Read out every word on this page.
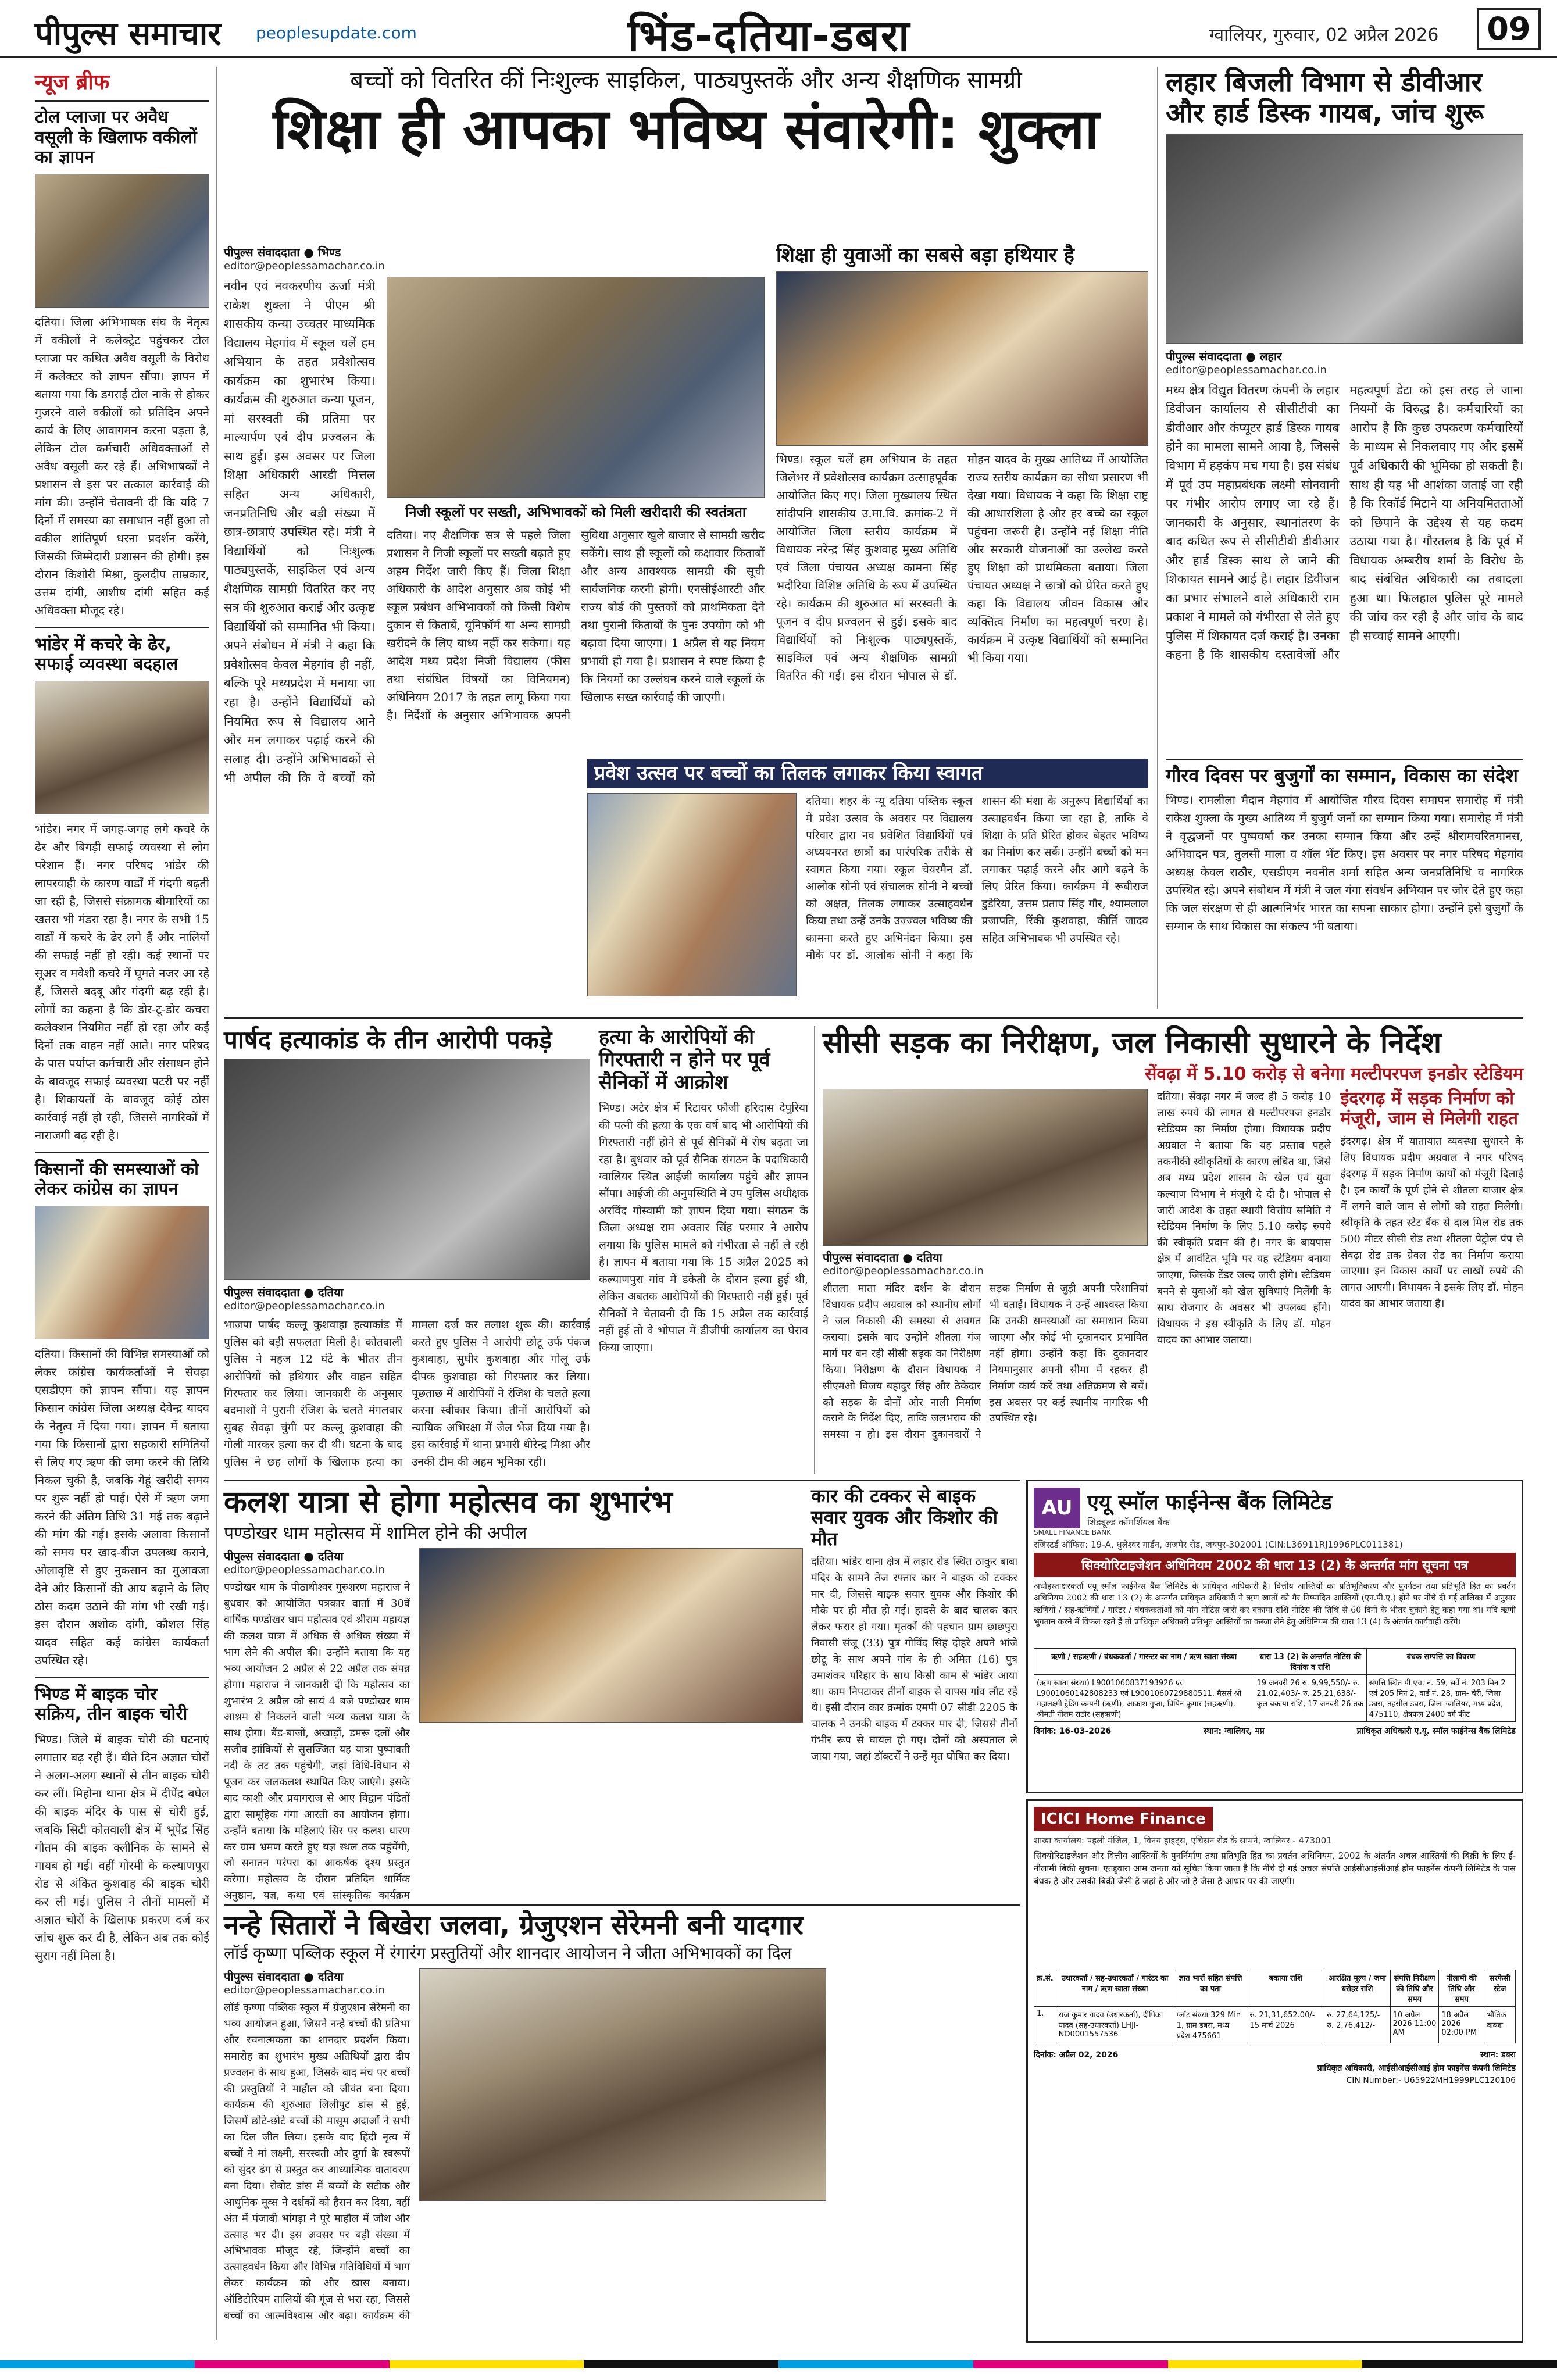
पीपुल्स समाचार peoplesupdate.com	भिंड-दतिया-डबरा	ग्वालियर, गुरुवार, 02 अप्रैल 2026	09
न्यूज ब्रीफ
टोल प्लाजा पर अवैध वसूली के खिलाफ वकीलों का ज्ञापन
दतिया। जिला अभिभाषक संघ के नेतृत्व में वकीलों ने कलेक्ट्रेट पहुंचकर टोल प्लाजा पर कथित अवैध वसूली के विरोध में कलेक्टर को ज्ञापन सौंपा। ज्ञापन में बताया गया कि डगराई टोल नाके से होकर गुजरने वाले वकीलों को प्रतिदिन अपने कार्य के लिए आवागमन करना पड़ता है, लेकिन टोल कर्मचारी अधिवक्ताओं से अवैध वसूली कर रहे हैं। अभिभाषकों ने प्रशासन से इस पर तत्काल कार्रवाई की मांग की। उन्होंने चेतावनी दी कि यदि 7 दिनों में समस्या का समाधान नहीं हुआ तो वकील शांतिपूर्ण धरना प्रदर्शन करेंगे, जिसकी जिम्मेदारी प्रशासन की होगी। इस दौरान किशोरी मिश्रा, कुलदीप ताम्रकार, उत्तम दांगी, आशीष दांगी सहित कई अधिवक्ता मौजूद रहे।
भांडेर में कचरे के ढेर, सफाई व्यवस्था बदहाल
भांडेर। नगर में जगह-जगह लगे कचरे के ढेर और बिगड़ी सफाई व्यवस्था से लोग परेशान हैं। नगर परिषद भांडेर की लापरवाही के कारण वार्डों में गंदगी बढ़ती जा रही है, जिससे संक्रामक बीमारियों का खतरा भी मंडरा रहा है। नगर के सभी 15 वार्डों में कचरे के ढेर लगे हैं और नालियों की सफाई नहीं हो रही। कई स्थानों पर सूअर व मवेशी कचरे में घूमते नजर आ रहे हैं, जिससे बदबू और गंदगी बढ़ रही है। लोगों का कहना है कि डोर-टू-डोर कचरा कलेक्शन नियमित नहीं हो रहा और कई दिनों तक वाहन नहीं आते। नगर परिषद के पास पर्याप्त कर्मचारी और संसाधन होने के बावजूद सफाई व्यवस्था पटरी पर नहीं है। शिकायतों के बावजूद कोई ठोस कार्रवाई नहीं हो रही, जिससे नागरिकों में नाराजगी बढ़ रही है।
किसानों की समस्याओं को लेकर कांग्रेस का ज्ञापन
दतिया। किसानों की विभिन्न समस्याओं को लेकर कांग्रेस कार्यकर्ताओं ने सेवढ़ा एसडीएम को ज्ञापन सौंपा। यह ज्ञापन किसान कांग्रेस जिला अध्यक्ष देवेन्द्र यादव के नेतृत्व में दिया गया। ज्ञापन में बताया गया कि किसानों द्वारा सहकारी समितियों से लिए गए ऋण की जमा करने की तिथि निकल चुकी है, जबकि गेहूं खरीदी समय पर शुरू नहीं हो पाई। ऐसे में ऋण जमा करने की अंतिम तिथि 31 मई तक बढ़ाने की मांग की गई। इसके अलावा किसानों को समय पर खाद-बीज उपलब्ध कराने, ओलावृष्टि से हुए नुकसान का मुआवजा देने और किसानों की आय बढ़ाने के लिए ठोस कदम उठाने की मांग भी रखी गई। इस दौरान अशोक दांगी, कौशल सिंह यादव सहित कई कांग्रेस कार्यकर्ता उपस्थित रहे।
भिण्ड में बाइक चोर सक्रिय, तीन बाइक चोरी
भिण्ड। जिले में बाइक चोरी की घटनाएं लगातार बढ़ रही हैं। बीते दिन अज्ञात चोरों ने अलग-अलग स्थानों से तीन बाइक चोरी कर लीं। मिहोना थाना क्षेत्र में दीपेंद्र बघेल की बाइक मंदिर के पास से चोरी हुई, जबकि सिटी कोतवाली क्षेत्र में भूपेंद्र सिंह गौतम की बाइक क्लीनिक के सामने से गायब हो गई। वहीं गोरमी के कल्याणपुरा रोड से अंकित कुशवाह की बाइक चोरी कर ली गई। पुलिस ने तीनों मामलों में अज्ञात चोरों के खिलाफ प्रकरण दर्ज कर जांच शुरू कर दी है, लेकिन अब तक कोई सुराग नहीं मिला है।
बच्चों को वितरित कीं निःशुल्क साइकिल, पाठ्यपुस्तकें और अन्य शैक्षणिक सामग्री
शिक्षा ही आपका भविष्य संवारेगी: शुक्ला
पीपुल्स संवाददाता ● भिण्ड
editor@peoplessamachar.co.in
नवीन एवं नवकरणीय ऊर्जा मंत्री राकेश शुक्ला ने पीएम श्री शासकीय कन्या उच्चतर माध्यमिक विद्यालय मेहगांव में स्कूल चलें हम अभियान के तहत प्रवेशोत्सव कार्यक्रम का शुभारंभ किया। कार्यक्रम की शुरुआत कन्या पूजन, मां सरस्वती की प्रतिमा पर माल्यार्पण एवं दीप प्रज्वलन के साथ हुई। इस अवसर पर जिला शिक्षा अधिकारी आरडी मित्तल सहित अन्य अधिकारी, जनप्रतिनिधि और बड़ी संख्या में छात्र-छात्राएं उपस्थित रहे। मंत्री ने विद्यार्थियों को निःशुल्क पाठ्यपुस्तकें, साइकिल एवं अन्य शैक्षणिक सामग्री वितरित कर नए सत्र की शुरुआत कराई और उत्कृष्ट विद्यार्थियों को सम्मानित भी किया। अपने संबोधन में मंत्री ने कहा कि प्रवेशोत्सव केवल मेहगांव ही नहीं, बल्कि पूरे मध्यप्रदेश में मनाया जा रहा है। उन्होंने विद्यार्थियों को नियमित रूप से विद्यालय आने और मन लगाकर पढ़ाई करने की सलाह दी। उन्होंने अभिभावकों से भी अपील की कि वे बच्चों को
निजी स्कूलों पर सख्ती, अभिभावकों को मिली खरीदारी की स्वतंत्रता
दतिया। नए शैक्षणिक सत्र से पहले जिला प्रशासन ने निजी स्कूलों पर सख्ती बढ़ाते हुए अहम निर्देश जारी किए हैं। जिला शिक्षा अधिकारी के आदेश अनुसार अब कोई भी स्कूल प्रबंधन अभिभावकों को किसी विशेष दुकान से किताबें, यूनिफॉर्म या अन्य सामग्री खरीदने के लिए बाध्य नहीं कर सकेगा। यह आदेश मध्य प्रदेश निजी विद्यालय (फीस तथा संबंधित विषयों का विनियमन) अधिनियम 2017 के तहत लागू किया गया है। निर्देशों के अनुसार अभिभावक अपनी सुविधा अनुसार खुले बाजार से सामग्री खरीद सकेंगे। साथ ही स्कूलों को कक्षावार किताबों और अन्य आवश्यक सामग्री की सूची सार्वजनिक करनी होगी। एनसीईआरटी और राज्य बोर्ड की पुस्तकों को प्राथमिकता देने तथा पुरानी किताबों के पुनः उपयोग को भी बढ़ावा दिया जाएगा। 1 अप्रैल से यह नियम प्रभावी हो गया है। प्रशासन ने स्पष्ट किया है कि नियमों का उल्लंघन करने वाले स्कूलों के खिलाफ सख्त कार्रवाई की जाएगी।
शिक्षा ही युवाओं का सबसे बड़ा हथियार है
भिण्ड। स्कूल चलें हम अभियान के तहत जिलेभर में प्रवेशोत्सव कार्यक्रम उत्साहपूर्वक आयोजित किए गए। जिला मुख्यालय स्थित सांदीपनि शासकीय उ.मा.वि. क्रमांक-2 में आयोजित जिला स्तरीय कार्यक्रम में विधायक नरेन्द्र सिंह कुशवाह मुख्य अतिथि एवं जिला पंचायत अध्यक्ष कामना सिंह भदौरिया विशिष्ट अतिथि के रूप में उपस्थित रहे। कार्यक्रम की शुरुआत मां सरस्वती के पूजन व दीप प्रज्वलन से हुई। इसके बाद विद्यार्थियों को निःशुल्क पाठ्यपुस्तकें, साइकिल एवं अन्य शैक्षणिक सामग्री वितरित की गई। इस दौरान भोपाल से डॉ. मोहन यादव के मुख्य आतिथ्य में आयोजित राज्य स्तरीय कार्यक्रम का सीधा प्रसारण भी देखा गया। विधायक ने कहा कि शिक्षा राष्ट्र की आधारशिला है और हर बच्चे का स्कूल पहुंचना जरूरी है। उन्होंने नई शिक्षा नीति और सरकारी योजनाओं का उल्लेख करते हुए शिक्षा को प्राथमिकता बताया। जिला पंचायत अध्यक्ष ने छात्रों को प्रेरित करते हुए कहा कि विद्यालय जीवन विकास और व्यक्तित्व निर्माण का महत्वपूर्ण चरण है। कार्यक्रम में उत्कृष्ट विद्यार्थियों को सम्मानित भी किया गया।
लहार बिजली विभाग से डीवीआर और हार्ड डिस्क गायब, जांच शुरू
पीपुल्स संवाददाता ● लहार
editor@peoplessamachar.co.in
मध्य क्षेत्र विद्युत वितरण कंपनी के लहार डिवीजन कार्यालय से सीसीटीवी का डीवीआर और कंप्यूटर हार्ड डिस्क गायब होने का मामला सामने आया है, जिससे विभाग में हड़कंप मच गया है। इस संबंध में पूर्व उप महाप्रबंधक लक्ष्मी सोनवानी पर गंभीर आरोप लगाए जा रहे हैं। जानकारी के अनुसार, स्थानांतरण के बाद कथित रूप से सीसीटीवी डीवीआर और हार्ड डिस्क साथ ले जाने की शिकायत सामने आई है। लहार डिवीजन का प्रभार संभालने वाले अधिकारी राम प्रकाश ने मामले को गंभीरता से लेते हुए पुलिस में शिकायत दर्ज कराई है। उनका कहना है कि शासकीय दस्तावेजों और महत्वपूर्ण डेटा को इस तरह ले जाना नियमों के विरुद्ध है। कर्मचारियों का आरोप है कि कुछ उपकरण कर्मचारियों के माध्यम से निकलवाए गए और इसमें पूर्व अधिकारी की भूमिका हो सकती है। साथ ही यह भी आशंका जताई जा रही है कि रिकॉर्ड मिटाने या अनियमितताओं को छिपाने के उद्देश्य से यह कदम उठाया गया है। गौरतलब है कि पूर्व में विधायक अम्बरीष शर्मा के विरोध के बाद संबंधित अधिकारी का तबादला हुआ था। फिलहाल पुलिस पूरे मामले की जांच कर रही है और जांच के बाद ही सच्चाई सामने आएगी।
गौरव दिवस पर बुजुर्गों का सम्मान, विकास का संदेश
भिण्ड। रामलीला मैदान मेहगांव में आयोजित गौरव दिवस समापन समारोह में मंत्री राकेश शुक्ला के मुख्य आतिथ्य में बुजुर्ग जनों का सम्मान किया गया। समारोह में मंत्री ने वृद्धजनों पर पुष्पवर्षा कर उनका सम्मान किया और उन्हें श्रीरामचरितमानस, अभिवादन पत्र, तुलसी माला व शॉल भेंट किए। इस अवसर पर नगर परिषद मेहगांव अध्यक्ष केवल राठौर, एसडीएम नवनीत शर्मा सहित अन्य जनप्रतिनिधि व नागरिक उपस्थित रहे। अपने संबोधन में मंत्री ने जल गंगा संवर्धन अभियान पर जोर देते हुए कहा कि जल संरक्षण से ही आत्मनिर्भर भारत का सपना साकार होगा। उन्होंने इसे बुजुर्गों के सम्मान के साथ विकास का संकल्प भी बताया।
प्रवेश उत्सव पर बच्चों का तिलक लगाकर किया स्वागत
दतिया। शहर के न्यू दतिया पब्लिक स्कूल में प्रवेश उत्सव के अवसर पर विद्यालय परिवार द्वारा नव प्रवेशित विद्यार्थियों एवं अध्ययनरत छात्रों का पारंपरिक तरीके से स्वागत किया गया। स्कूल चेयरमैन डॉ. आलोक सोनी एवं संचालक सोनी ने बच्चों को अक्षत, तिलक लगाकर उत्साहवर्धन किया तथा उन्हें उनके उज्ज्वल भविष्य की कामना करते हुए अभिनंदन किया। इस मौके पर डॉ. आलोक सोनी ने कहा कि शासन की मंशा के अनुरूप विद्यार्थियों का उत्साहवर्धन किया जा रहा है, ताकि वे शिक्षा के प्रति प्रेरित होकर बेहतर भविष्य का निर्माण कर सकें। उन्होंने बच्चों को मन लगाकर पढ़ाई करने और आगे बढ़ने के लिए प्रेरित किया। कार्यक्रम में रूबीराज डुडेरिया, उत्तम प्रताप सिंह गौर, श्यामलाल प्रजापति, रिंकी कुशवाहा, कीर्ति जादव सहित अभिभावक भी उपस्थित रहे।
पार्षद हत्याकांड के तीन आरोपी पकड़े
पीपुल्स संवाददाता ● दतिया
editor@peoplessamachar.co.in
भाजपा पार्षद कल्लू कुशवाहा हत्याकांड में पुलिस को बड़ी सफलता मिली है। कोतवाली पुलिस ने महज 12 घंटे के भीतर तीन आरोपियों को हथियार और वाहन सहित गिरफ्तार कर लिया। जानकारी के अनुसार बदमाशों ने पुरानी रंजिश के चलते मंगलवार सुबह सेवढ़ा चुंगी पर कल्लू कुशवाहा की गोली मारकर हत्या कर दी थी। घटना के बाद पुलिस ने छह लोगों के खिलाफ हत्या का मामला दर्ज कर तलाश शुरू की। कार्रवाई करते हुए पुलिस ने आरोपी छोटू उर्फ पंकज कुशवाहा, सुधीर कुशवाहा और गोलू उर्फ दीपक कुशवाहा को गिरफ्तार कर लिया। पूछताछ में आरोपियों ने रंजिश के चलते हत्या करना स्वीकार किया। तीनों आरोपियों को न्यायिक अभिरक्षा में जेल भेज दिया गया है। इस कार्रवाई में थाना प्रभारी धीरेन्द्र मिश्रा और उनकी टीम की अहम भूमिका रही।
हत्या के आरोपियों की गिरफ्तारी न होने पर पूर्व सैनिकों में आक्रोश
भिण्ड। अटेर क्षेत्र में रिटायर फौजी हरिदास देपुरिया की पत्नी की हत्या के एक वर्ष बाद भी आरोपियों की गिरफ्तारी नहीं होने से पूर्व सैनिकों में रोष बढ़ता जा रहा है। बुधवार को पूर्व सैनिक संगठन के पदाधिकारी ग्वालियर स्थित आईजी कार्यालय पहुंचे और ज्ञापन सौंपा। आईजी की अनुपस्थिति में उप पुलिस अधीक्षक अरविंद गोस्वामी को ज्ञापन दिया गया। संगठन के जिला अध्यक्ष राम अवतार सिंह परमार ने आरोप लगाया कि पुलिस मामले को गंभीरता से नहीं ले रही है। ज्ञापन में बताया गया कि 15 अप्रैल 2025 को कल्याणपुरा गांव में डकैती के दौरान हत्या हुई थी, लेकिन अबतक आरोपियों की गिरफ्तारी नहीं हुई। पूर्व सैनिकों ने चेतावनी दी कि 15 अप्रैल तक कार्रवाई नहीं हुई तो वे भोपाल में डीजीपी कार्यालय का घेराव किया जाएगा।
सीसी सड़क का निरीक्षण, जल निकासी सुधारने के निर्देश
सेंवढ़ा में 5.10 करोड़ से बनेगा मल्टीपरपज इनडोर स्टेडियम
पीपुल्स संवाददाता ● दतिया
editor@peoplessamachar.co.in
शीतला माता मंदिर दर्शन के दौरान विधायक प्रदीप अग्रवाल को स्थानीय लोगों ने जल निकासी की समस्या से अवगत कराया। इसके बाद उन्होंने शीतला गंज मार्ग पर बन रही सीसी सड़क का निरीक्षण किया। निरीक्षण के दौरान विधायक ने सीएमओ विजय बहादुर सिंह और ठेकेदार को सड़क के दोनों ओर नाली निर्माण कराने के निर्देश दिए, ताकि जलभराव की समस्या न हो। इस दौरान दुकानदारों ने सड़क निर्माण से जुड़ी अपनी परेशानियां भी बताईं। विधायक ने उन्हें आश्वस्त किया कि उनकी समस्याओं का समाधान किया जाएगा और कोई भी दुकानदार प्रभावित नहीं होगा। उन्होंने कहा कि दुकानदार नियमानुसार अपनी सीमा में रहकर ही निर्माण कार्य करें तथा अतिक्रमण से बचें। इस अवसर पर कई स्थानीय नागरिक भी उपस्थित रहे।
दतिया। सेंवढ़ा नगर में जल्द ही 5 करोड़ 10 लाख रुपये की लागत से मल्टीपरपज इनडोर स्टेडियम का निर्माण होगा। विधायक प्रदीप अग्रवाल ने बताया कि यह प्रस्ताव पहले तकनीकी स्वीकृतियों के कारण लंबित था, जिसे अब मध्य प्रदेश शासन के खेल एवं युवा कल्याण विभाग ने मंजूरी दे दी है। भोपाल से जारी आदेश के तहत स्थायी वित्तीय समिति ने स्टेडियम निर्माण के लिए 5.10 करोड़ रुपये की स्वीकृति प्रदान की है। नगर के बायपास क्षेत्र में आवंटित भूमि पर यह स्टेडियम बनाया जाएगा, जिसके टेंडर जल्द जारी होंगे। स्टेडियम बनने से युवाओं को खेल सुविधाएं मिलेंगी के साथ रोजगार के अवसर भी उपलब्ध होंगे। विधायक ने इस स्वीकृति के लिए डॉ. मोहन यादव का आभार जताया।
इंदरगढ़ में सड़क निर्माण को मंजूरी, जाम से मिलेगी राहत
इंदरगढ़। क्षेत्र में यातायात व्यवस्था सुधारने के लिए विधायक प्रदीप अग्रवाल ने नगर परिषद इंदरगढ़ में सड़क निर्माण कार्यों को मंजूरी दिलाई है। इन कार्यों के पूर्ण होने से शीतला बाजार क्षेत्र में लगने वाले जाम से लोगों को राहत मिलेगी। स्वीकृति के तहत स्टेट बैंक से दाल मिल रोड तक 500 मीटर सीसी रोड तथा शीतला पेट्रोल पंप से सेवढ़ा रोड तक ग्रेवल रोड का निर्माण कराया जाएगा। इन विकास कार्यों पर लाखों रुपये की लागत आएगी। विधायक ने इसके लिए डॉ. मोहन यादव का आभार जताया है।
कलश यात्रा से होगा महोत्सव का शुभारंभ
पण्डोखर धाम महोत्सव में शामिल होने की अपील
पीपुल्स संवाददाता ● दतिया
editor@peoplessamachar.co.in
पण्डोखर धाम के पीठाधीश्वर गुरुशरण महाराज ने बुधवार को आयोजित पत्रकार वार्ता में 30वें वार्षिक पण्डोखर धाम महोत्सव एवं श्रीराम महायज्ञ की कलश यात्रा में अधिक से अधिक संख्या में भाग लेने की अपील की। उन्होंने बताया कि यह भव्य आयोजन 2 अप्रैल से 22 अप्रैल तक संपन्न होगा। महाराज ने जानकारी दी कि महोत्सव का शुभारंभ 2 अप्रैल को सायं 4 बजे पण्डोखर धाम आश्रम से निकलने वाली भव्य कलश यात्रा के साथ होगा। बैंड-बाजों, अखाड़ों, डमरू दलों और सजीव झांकियों से सुसज्जित यह यात्रा पुष्पावती नदी के तट तक पहुंचेगी, जहां विधि-विधान से पूजन कर जलकलश स्थापित किए जाएंगे। इसके बाद काशी और प्रयागराज से आए विद्वान पंडितों द्वारा सामूहिक गंगा आरती का आयोजन होगा। उन्होंने बताया कि महिलाएं सिर पर कलश धारण कर ग्राम भ्रमण करते हुए यज्ञ स्थल तक पहुंचेंगी, जो सनातन परंपरा का आकर्षक दृश्य प्रस्तुत करेगा। महोत्सव के दौरान प्रतिदिन धार्मिक अनुष्ठान, यज्ञ, कथा एवं सांस्कृतिक कार्यक्रम
कार की टक्कर से बाइक सवार युवक और किशोर की मौत
दतिया। भांडेर थाना क्षेत्र में लहार रोड स्थित ठाकुर बाबा मंदिर के सामने तेज रफ्तार कार ने बाइक को टक्कर मार दी, जिससे बाइक सवार युवक और किशोर की मौके पर ही मौत हो गई। हादसे के बाद चालक कार लेकर फरार हो गया। मृतकों की पहचान ग्राम छाछपुरा निवासी संजू (33) पुत्र गोविंद सिंह दोहरे अपने भांजे छोटू के साथ अपने गांव के ही अमित (16) पुत्र उमाशंकर परिहार के साथ किसी काम से भांडेर आया था। काम निपटाकर तीनों बाइक से वापस गांव लौट रहे थे। इसी दौरान कार क्रमांक एमपी 07 सीडी 2205 के चालक ने उनकी बाइक में टक्कर मार दी, जिससे तीनों गंभीर रूप से घायल हो गए। दोनों को अस्पताल ले जाया गया, जहां डॉक्टरों ने उन्हें मृत घोषित कर दिया।
AU एयू स्मॉल फाईनेन्स बैंक लिमिटेड
शिड्यूल्ड कॉमर्शियल बैंक
SMALL FINANCE BANK
रजिस्टर्ड ऑफिस: 19-A, धुलेश्वर गार्डन, अजमेर रोड, जयपुर-302001 (CIN:L36911RJ1996PLC011381)
सिक्योरिटाइजेशन अधिनियम 2002 की धारा 13 (2) के अन्तर्गत मांग सूचना पत्र
अधोहस्ताक्षरकर्ता एयू स्मॉल फाईनेन्स बैंक लिमिटेड के प्राधिकृत अधिकारी है। वित्तीय आस्तियों का प्रतिभूतिकरण और पुनर्गठन तथा प्रतिभूति हित का प्रवर्तन अधिनियम 2002 की धारा 13 (2) के अन्तर्गत प्राधिकृत अधिकारी ने ऋण खातों को गैर निष्पादित आस्तियों (एन.पी.ए.) होने पर नीचे दी गई तालिका में अनुसार ऋणियों / सह-ऋणियों / गारंटर / बंधककर्ताओं को मांग नोटिस जारी कर बकाया राशि नोटिस की तिथि से 60 दिनों के भीतर चुकाने हेतु कहा गया था। यदि ऋणी भुगतान करने में विफल रहते हैं तो प्राधिकृत अधिकारी प्रतिभूत आस्तियों का कब्जा लेने हेतु अधिनियम की धारा 13 (4) के अंतर्गत कार्यवाही करेंगे।
ऋणी / सहऋणी / बंधककर्ता / गारन्टर का नाम / ऋण खाता संख्या	धारा 13 (2) के अन्तर्गत नोटिस की दिनांक व राशि	बंधक सम्पत्ति का विवरण
(ऋण खाता संख्या) L9001060837193926 एवं L9001060142808233 एवं L9001060729880511, मैसर्स श्री महालक्ष्मी ट्रेडिंग कम्पनी (ऋणी), आकाश गुप्ता, विपिन कुमार (सहऋणी), श्रीमती नीलम राठौर (सहऋणी)	19 जनवरी 26 रु. 9,99,550/- रु. 21,02,403/- रु. 25,21,638/- कुल बकाया राशि, 17 जनवरी 26 तक	संपत्ति स्थित पी.एच. नं. 59, सर्वे नं. 203 मिन 2 एवं 205 मिन 2, वार्ड नं. 28, ग्राम- चेरी, जिला डबरा, तहसील डबरा, जिला ग्वालियर, मध्य प्रदेश, 475110, क्षेत्रफल 2400 वर्ग फीट
दिनांक: 16-03-2026	स्थान: ग्वालियर, मप्र	प्राधिकृत अधिकारी ए.यू. स्मॉल फाईनेन्स बैंक लिमिटेड
ICICI Home Finance
शाखा कार्यालय: पहली मंजिल, 1, विनय हाइट्स, एचिसन रोड के सामने, ग्वालियर - 473001
सिक्योरिटाइजेशन और वित्तीय आस्तियों के पुनर्निर्माण तथा प्रतिभूति हित का प्रवर्तन अधिनियम, 2002 के अंतर्गत अचल आस्तियों की बिक्री के लिए ई-नीलामी बिक्री सूचना। एतद्द्वारा आम जनता को सूचित किया जाता है कि नीचे दी गई अचल संपत्ति आईसीआईसीआई होम फाइनेंस कंपनी लिमिटेड के पास बंधक है और उसकी बिक्री जैसी है जहां है और जो है जैसा है आधार पर की जाएगी।
क्र.सं.	उधारकर्ता / सह-उधारकर्ता / गारंटर का नाम / ऋण खाता संख्या	ज्ञात भारों सहित संपत्ति का पता	बकाया राशि	आरक्षित मूल्य / जमा धरोहर राशि	संपत्ति निरीक्षण की तिथि और समय	नीलामी की तिथि और समय	सरफेसी स्टेज
1.	राज कुमार यादव (उधारकर्ता), दीपिका यादव (सह-उधारकर्ता) LHJI-NO0001557536	प्लॉट संख्या 329 Min 1, ग्राम डबरा, मध्य प्रदेश 475661	रु. 21,31,652.00/- 15 मार्च 2026	रु. 27,64,125/- रु. 2,76,412/-	10 अप्रैल 2026 11:00 AM	18 अप्रैल 2026 02:00 PM	भौतिक कब्जा
दिनांक: अप्रैल 02, 2026	स्थान: डबरा
प्राधिकृत अधिकारी, आईसीआईसीआई होम फाइनेंस कंपनी लिमिटेड
CIN Number:- U65922MH1999PLC120106
नन्हे सितारों ने बिखेरा जलवा, ग्रेजुएशन सेरेमनी बनी यादगार
लॉर्ड कृष्णा पब्लिक स्कूल में रंगारंग प्रस्तुतियों और शानदार आयोजन ने जीता अभिभावकों का दिल
पीपुल्स संवाददाता ● दतिया
editor@peoplessamachar.co.in
लॉर्ड कृष्णा पब्लिक स्कूल में ग्रेजुएशन सेरेमनी का भव्य आयोजन हुआ, जिसने नन्हे बच्चों की प्रतिभा और रचनात्मकता का शानदार प्रदर्शन किया। समारोह का शुभारंभ मुख्य अतिथियों द्वारा दीप प्रज्वलन के साथ हुआ, जिसके बाद मंच पर बच्चों की प्रस्तुतियों ने माहौल को जीवंत बना दिया। कार्यक्रम की शुरुआत लिलीपुट डांस से हुई, जिसमें छोटे-छोटे बच्चों की मासूम अदाओं ने सभी का दिल जीत लिया। इसके बाद हिंदी नृत्य में बच्चों ने मां लक्ष्मी, सरस्वती और दुर्गा के स्वरूपों को सुंदर ढंग से प्रस्तुत कर आध्यात्मिक वातावरण बना दिया। रोबोट डांस में बच्चों के सटीक और आधुनिक मूव्स ने दर्शकों को हैरान कर दिया, वहीं अंत में पंजाबी भांगड़ा ने पूरे माहौल में जोश और उत्साह भर दी। इस अवसर पर बड़ी संख्या में अभिभावक मौजूद रहे, जिन्होंने बच्चों का उत्साहवर्धन किया और विभिन्न गतिविधियों में भाग लेकर कार्यक्रम को और खास बनाया। ऑडिटोरियम तालियों की गूंज से भरा रहा, जिससे बच्चों का आत्मविश्वास और बढ़ा। कार्यक्रम की
